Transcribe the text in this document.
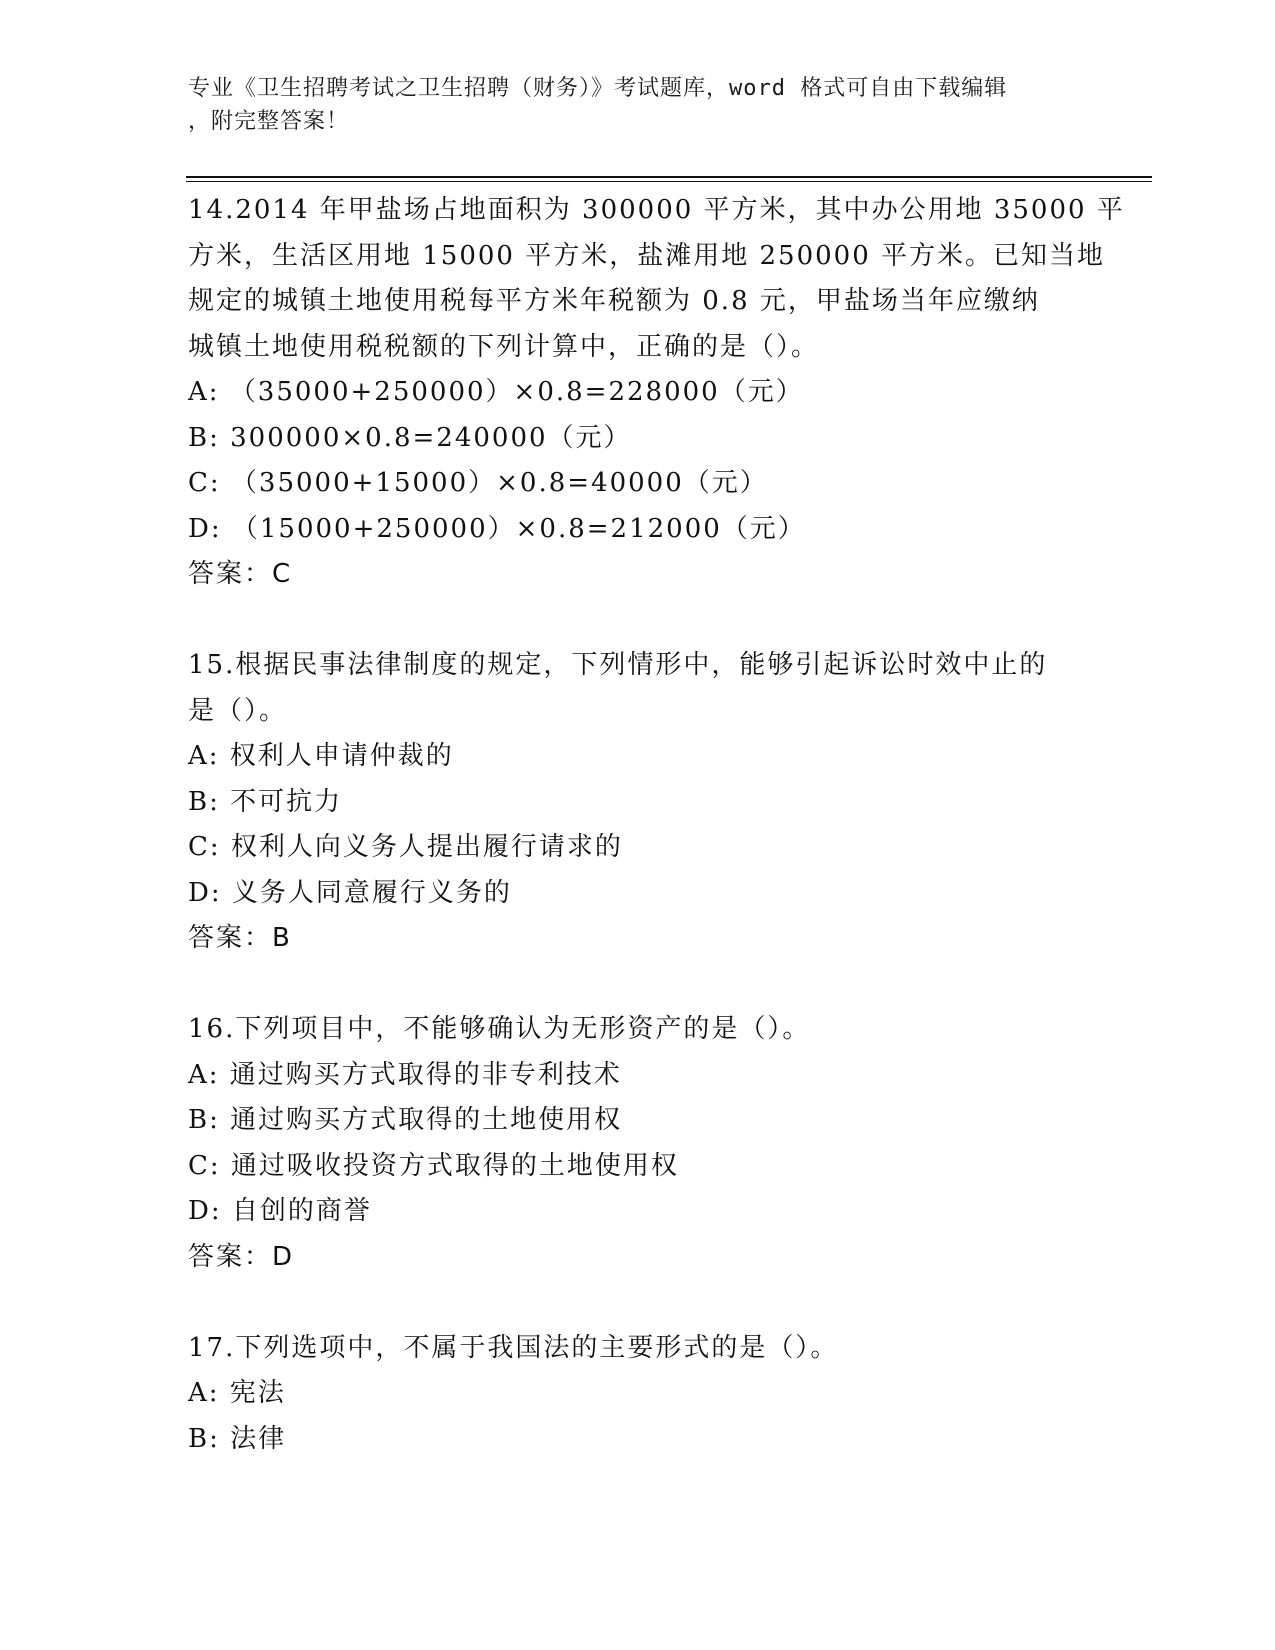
专业《卫生招聘考试之卫生招聘（财务）》考试题库，word 格式可自由下载编辑
，附完整答案！
14.2014 年甲盐场占地面积为 300000 平方米，其中办公用地 35000 平
方米，生活区用地 15000 平方米，盐滩用地 250000 平方米。已知当地
规定的城镇土地使用税每平方米年税额为 0.8 元，甲盐场当年应缴纳
城镇土地使用税税额的下列计算中，正确的是（）。
A: （35000+250000）×0.8=228000（元）
B: 300000×0.8=240000（元）
C: （35000+15000）×0.8=40000（元）
D: （15000+250000）×0.8=212000（元）
答案：C
15.根据民事法律制度的规定，下列情形中，能够引起诉讼时效中止的
是（）。
A: 权利人申请仲裁的
B: 不可抗力
C: 权利人向义务人提出履行请求的
D: 义务人同意履行义务的
答案：B
16.下列项目中，不能够确认为无形资产的是（）。
A: 通过购买方式取得的非专利技术
B: 通过购买方式取得的土地使用权
C: 通过吸收投资方式取得的土地使用权
D: 自创的商誉
答案：D
17.下列选项中，不属于我国法的主要形式的是（）。
A: 宪法
B: 法律
